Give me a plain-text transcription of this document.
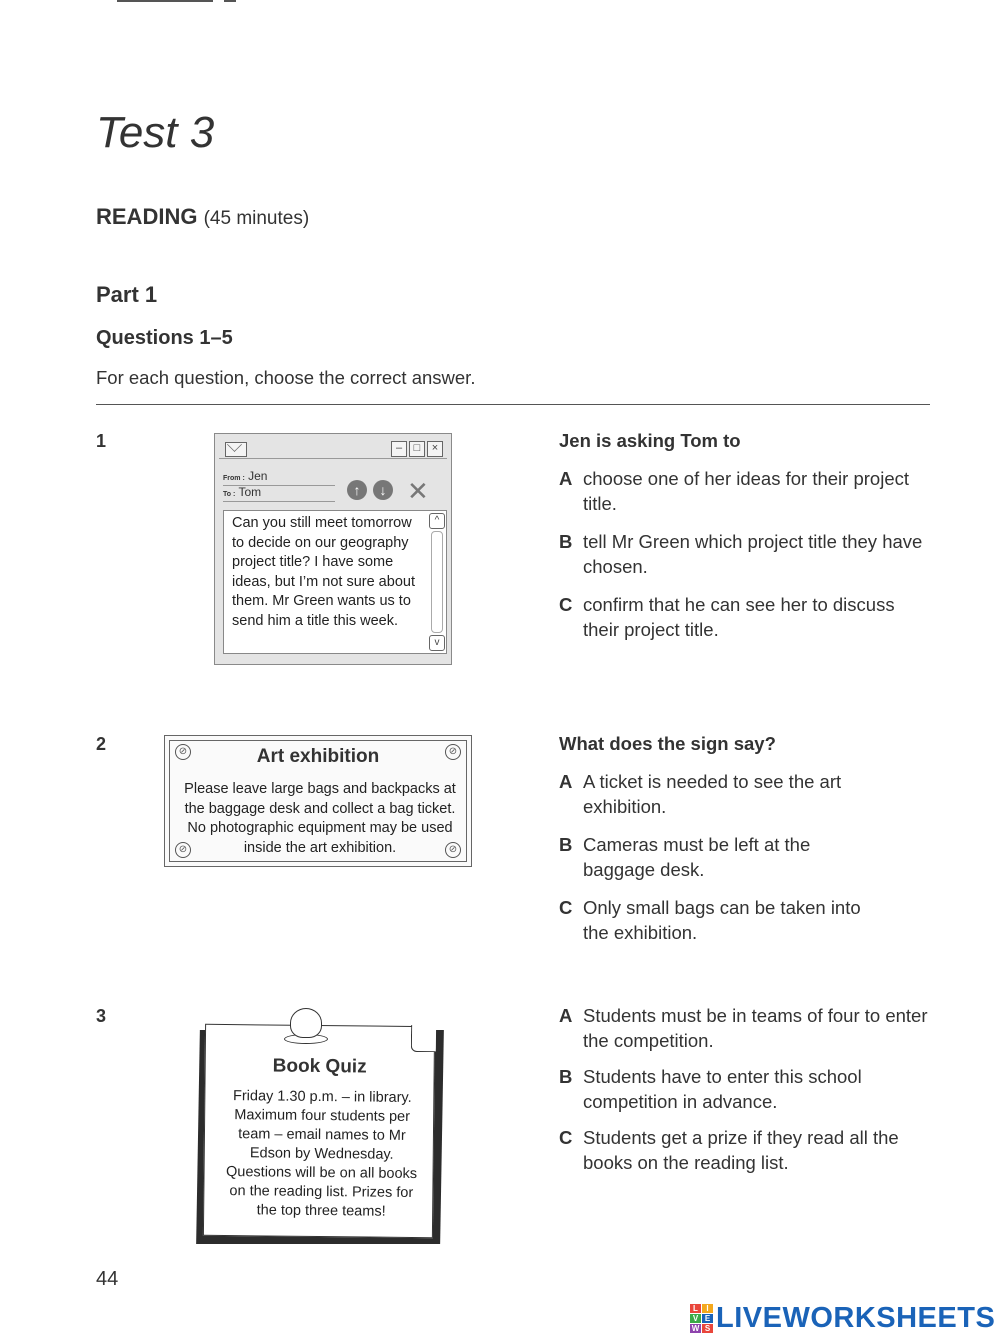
Test 3
READING (45 minutes)
Part 1
Questions 1–5
For each question, choose the correct answer.
1	–	□	×
From : Jen
To : Tom	↑	↓ ✕
Can you still meet tomorrow to decide on our geography project title? I have some ideas, but I’m not sure about them. Mr Green wants us to send him a title this week.
^
v
Jen is asking Tom to
A choose one of her ideas for their project title.
B tell Mr Green which project title they have chosen.
C confirm that he can see her to discuss their project title.
2	⊘	⊘
⊘	⊘
Art exhibition
Please leave large bags and backpacks at the baggage desk and collect a bag ticket. No photographic equipment may be used inside the art exhibition.
What does the sign say?
A A ticket is needed to see the art exhibition.
B Cameras must be left at the baggage desk.
C Only small bags can be taken into the exhibition.
3
Book Quiz
Friday 1.30 p.m. – in library. Maximum four students per team – email names to Mr Edson by Wednesday. Questions will be on all books on the reading list. Prizes for the top three teams!
A Students must be in teams of four to enter the competition.
B Students have to enter this school competition in advance.
C Students get a prize if they read all the books on the reading list.
44
L	I
V E
W S LIVEWORKSHEETS
